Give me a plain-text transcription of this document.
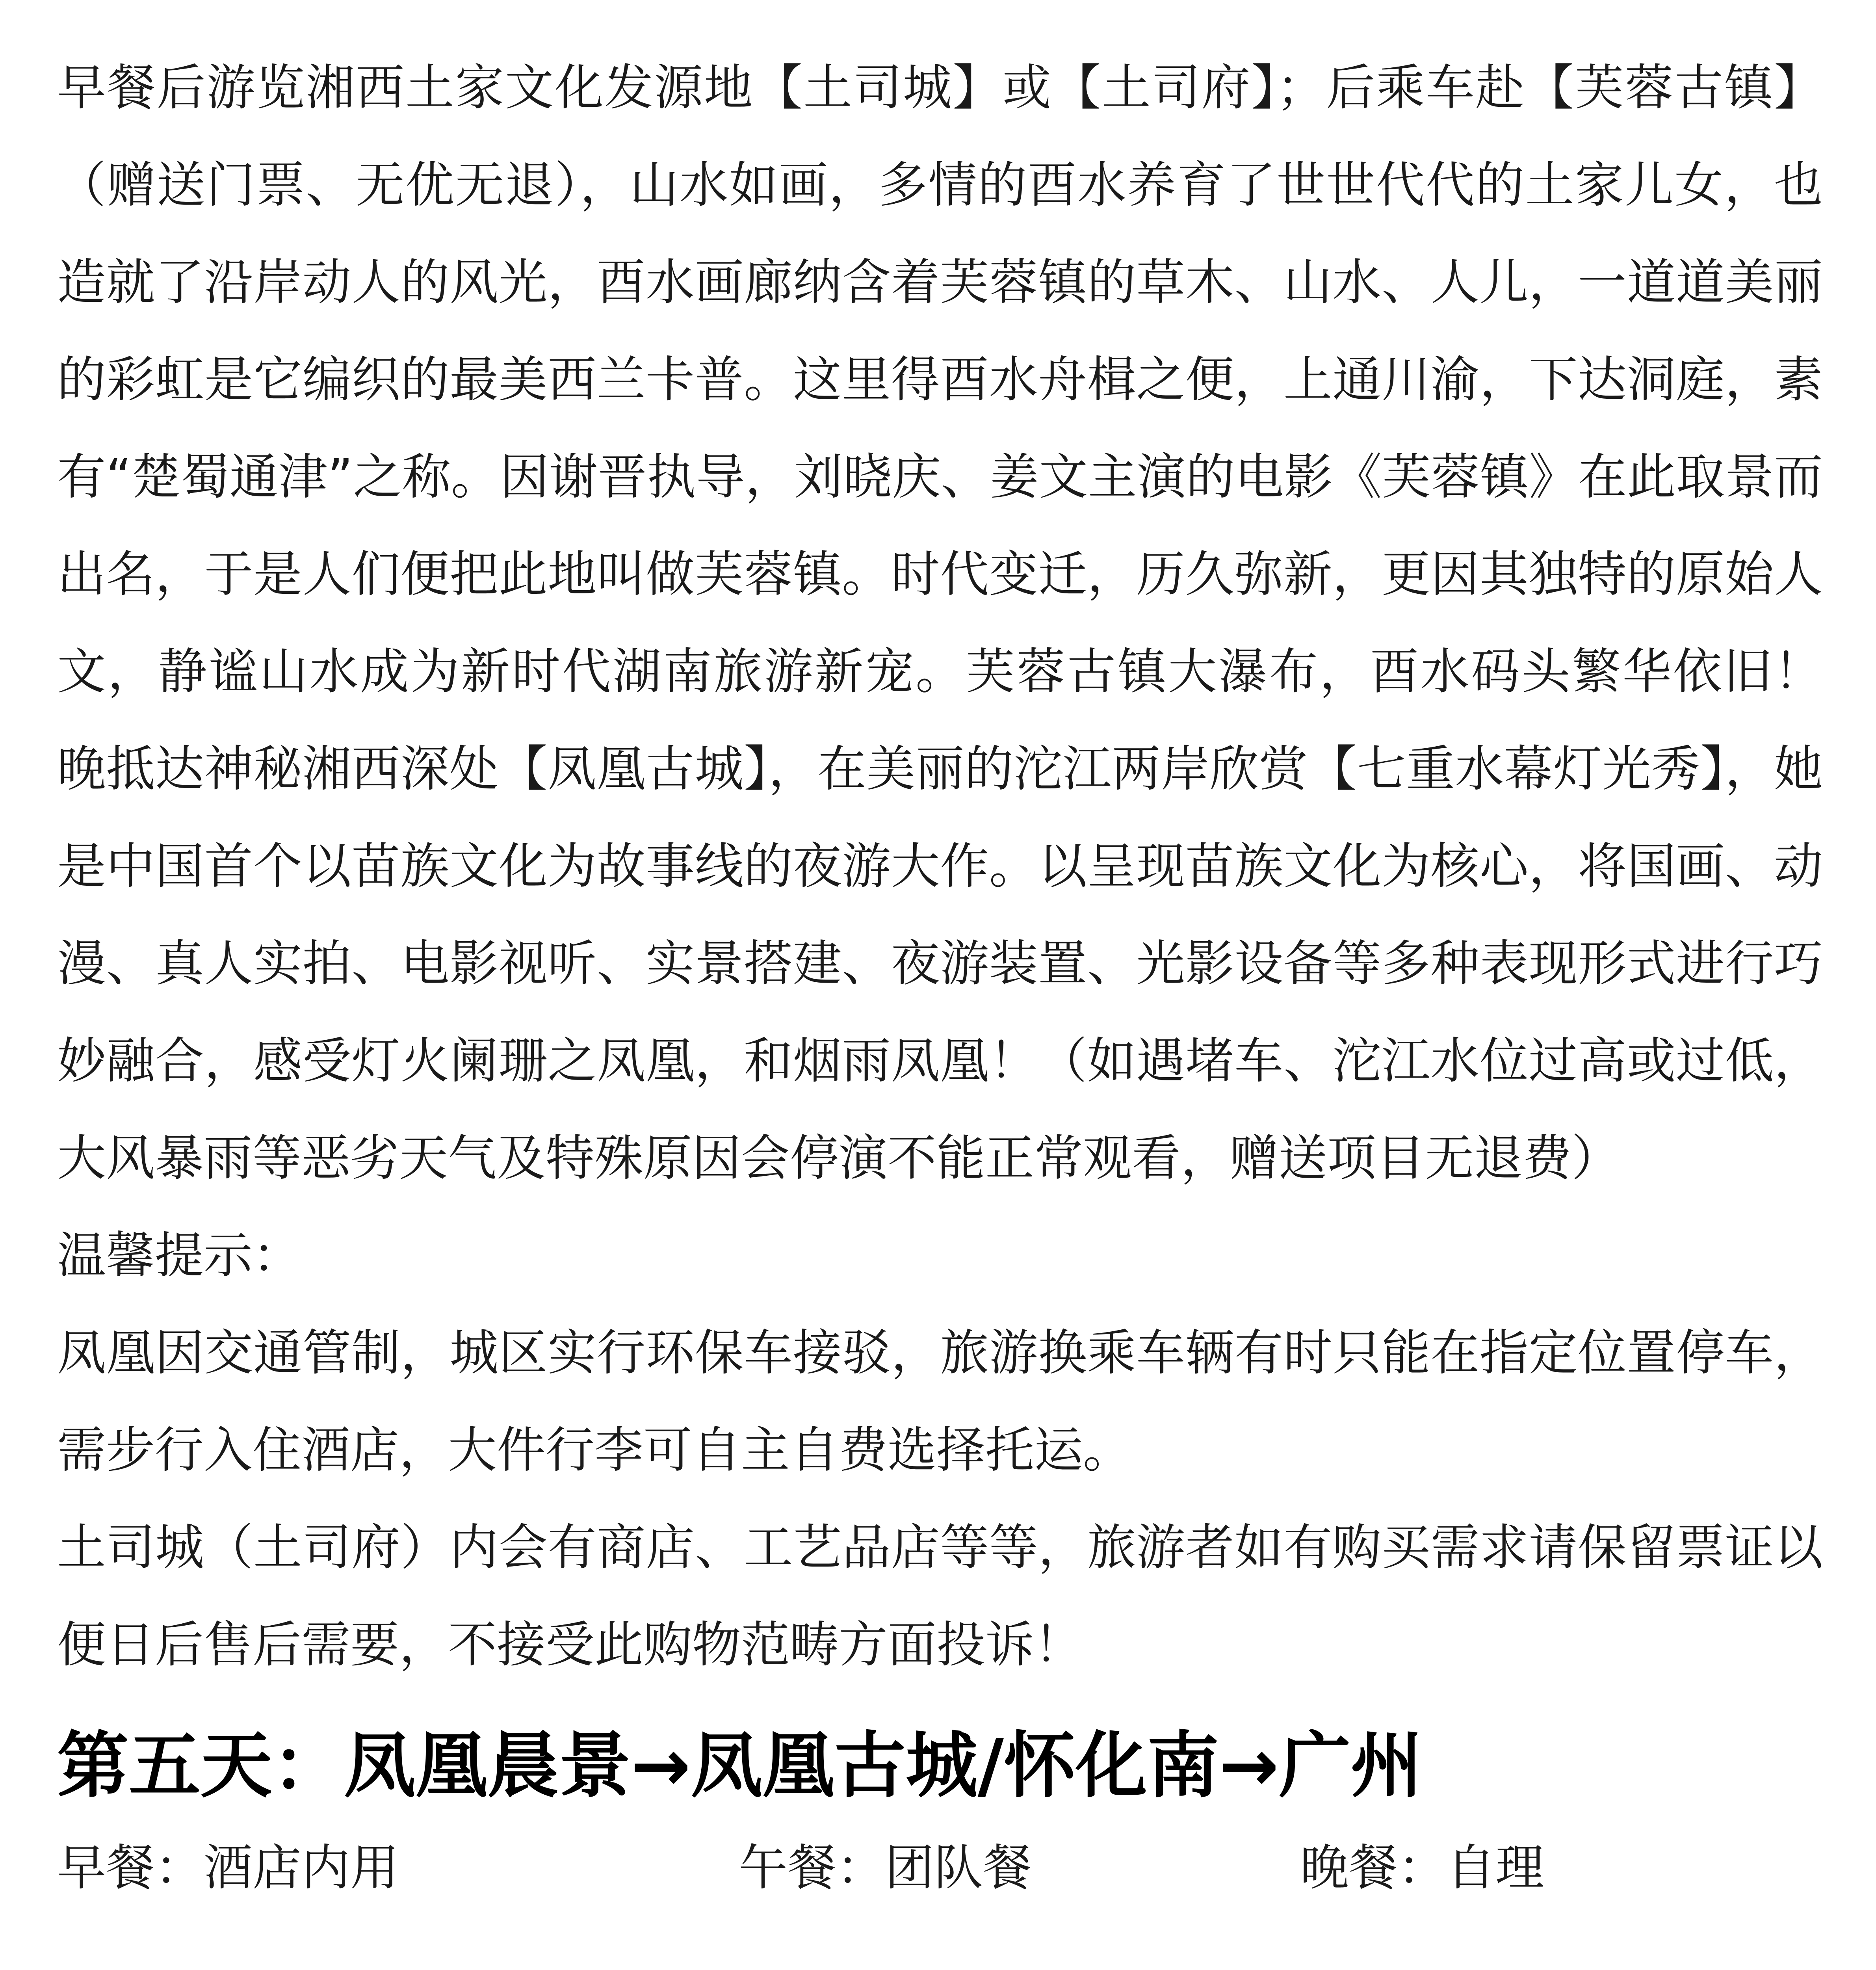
早餐后游览湘西土家文化发源地【土司城】或【土司府】；后乘车赴【芙蓉古镇】（赠送门票、无优无退），山水如画，多情的酉水养育了世世代代的土家儿女，也造就了沿岸动人的风光，酉水画廊纳含着芙蓉镇的草木、山水、人儿，一道道美丽的彩虹是它编织的最美西兰卡普。这里得酉水舟楫之便，上通川渝，下达洞庭，素有“楚蜀通津”之称。因谢晋执导，刘晓庆、姜文主演的电影《芙蓉镇》在此取景而出名，于是人们便把此地叫做芙蓉镇。时代变迁，历久弥新，更因其独特的原始人文，静谧山水成为新时代湖南旅游新宠。芙蓉古镇大瀑布，酉水码头繁华依旧！　晚抵达神秘湘西深处【凤凰古城】，在美丽的沱江两岸欣赏【七重水幕灯光秀】，她是中国首个以苗族文化为故事线的夜游大作。以呈现苗族文化为核心，将国画、动漫、真人实拍、电影视听、实景搭建、夜游装置、光影设备等多种表现形式进行巧妙融合，感受灯火阑珊之凤凰，和烟雨凤凰！（如遇堵车、沱江水位过高或过低，大风暴雨等恶劣天气及特殊原因会停演不能正常观看，赠送项目无退费）

温馨提示：

凤凰因交通管制，城区实行环保车接驳，旅游换乘车辆有时只能在指定位置停车，需步行入住酒店，大件行李可自主自费选择托运。

土司城（土司府）内会有商店、工艺品店等等，旅游者如有购买需求请保留票证以便日后售后需要，不接受此购物范畴方面投诉！

第五天：凤凰晨景→凤凰古城/怀化南→广州
早餐：酒店内用	午餐：团队餐	晚餐：自理
